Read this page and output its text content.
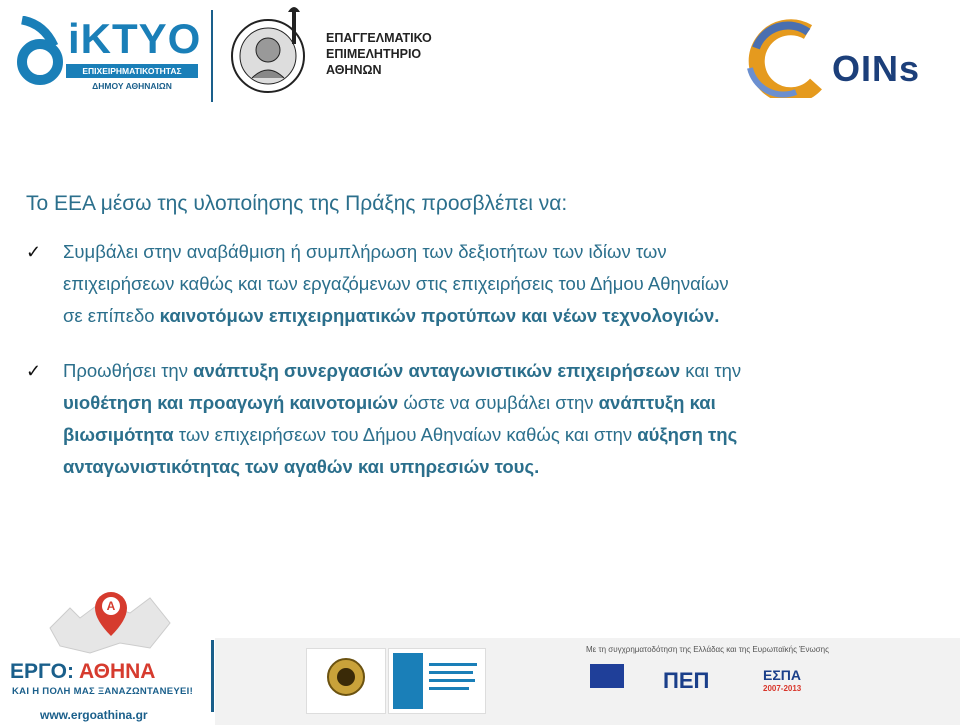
iKTYO
ΕΠΙΧΕΙΡΗΜΑΤΙΚΟΤΗΤΑΣ
ΔΗΜΟΥ ΑΘΗΝΑΙΩΝ
ΕΠΑΓΓΕΛΜΑΤΙΚΟ
ΕΠΙΜΕΛΗΤΗΡΙΟ
ΑΘΗΝΩΝ	OINs
Το ΕΕΑ μέσω της υλοποίησης της Πράξης προσβλέπει να:
✓ Συμβάλει στην αναβάθμιση ή συμπλήρωση των δεξιοτήτων των ιδίων των
επιχειρήσεων καθώς και των εργαζόμενων στις επιχειρήσεις του Δήμου Αθηναίων
σε επίπεδο καινοτόμων επιχειρηματικών προτύπων και νέων τεχνολογιών.
✓ Προωθήσει την ανάπτυξη συνεργασιών ανταγωνιστικών επιχειρήσεων και την
υιοθέτηση και προαγωγή καινοτομιών ώστε να συμβάλει στην ανάπτυξη και
βιωσιμότητα των επιχειρήσεων του Δήμου Αθηναίων καθώς και στην αύξηση της
ανταγωνιστικότητας των αγαθών και υπηρεσιών τους.
A
ΕΡΓΟ: ΑΘΗΝΑ
ΚΑΙ Η ΠΟΛΗ ΜΑΣ ΞΑΝΑΖΩΝΤΑΝΕΥΕΙ!
www.ergoathina.gr
Με τη συγχρηματοδότηση της Ελλάδας και της Ευρωπαϊκής Ένωσης
ΠΕΠ	ΕΣΠΑ
2007-2013
